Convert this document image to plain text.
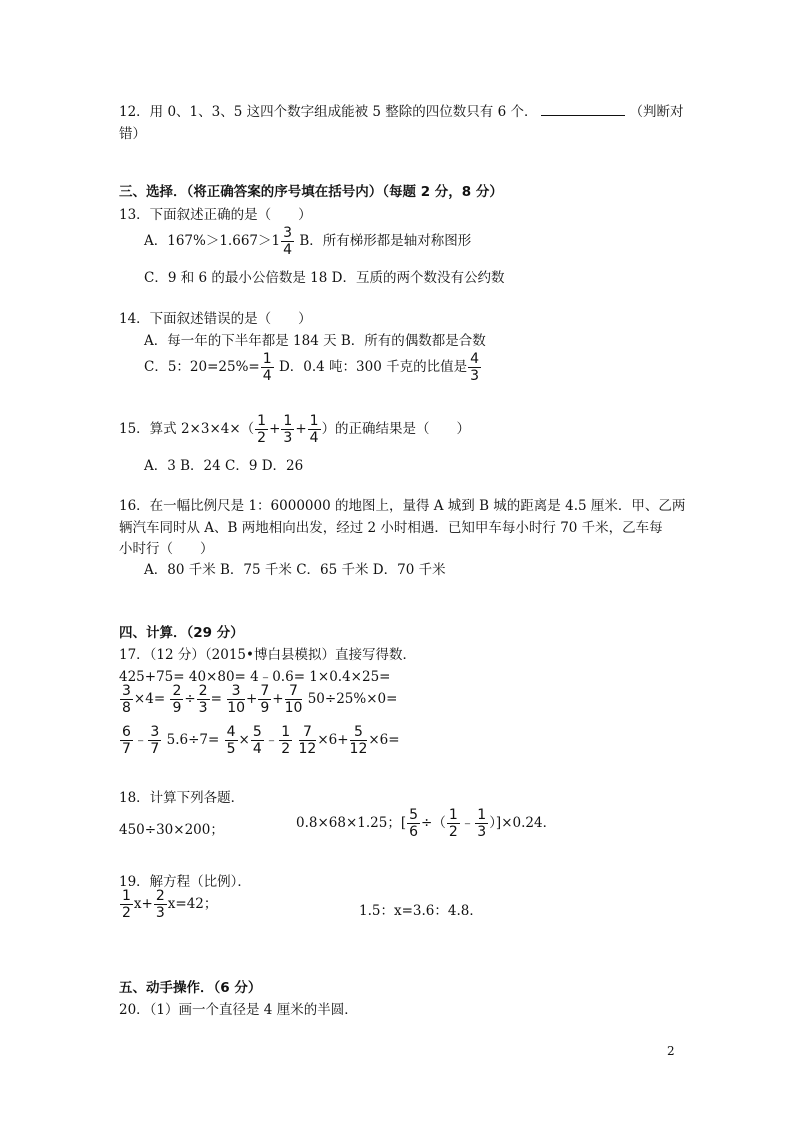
12．用 0、1、3、5 这四个数字组成能被 5 整除的四位数只有 6 个．	（判断对
错）
三、选择．（将正确答案的序号填在括号内）（每题 2 分，8 分）
13．下面叙述正确的是（　　）
A．$167\%>1.667>1 \frac{3}{4}$ B．所有梯形都是轴对称图形
C．9 和 6 的最小公倍数是 18 D．互质的两个数没有公约数
14．下面叙述错误的是（　　）
A．每一年的下半年都是 184 天 B．所有的偶数都是合数
C．5：$20=25\%= \frac{1}{4}$ D．0.4 吨：300 千克的比值是 $\frac{4}{3}$
15．算式 $2\times 3\times 4\times( \frac{1}{2} + \frac{1}{3} + \frac{1}{4}$ ）的正确结果是（　　）
A．3 B．24 C．9 D．26
16．在一幅比例尺是 1：6000000 的地图上，量得 A 城到 B 城的距离是 4.5 厘米．甲、乙两
辆汽车同时从 A、B 两地相向出发，经过 2 小时相遇．已知甲车每小时行 70 千米，乙车每
小时行（　　）
A．80 千米 B．75 千米 C．65 千米 D．70 千米
四、计算．（29 分）
17．（12 分）（2015•博白县模拟）直接写得数．
425+75= 40×80= 4﹣0.6= 1×0.4×25=
$\frac{3}{8} \times 4= \frac{2}{9} \div \frac{2}{3} = \frac{3}{10} + \frac{7}{9} + \frac{7}{10} 50\div 25\%\times 0=$
$\frac{6}{7}$ ﹣ $\frac{3}{7} 5.6\div 7= \frac{4}{5} \times \frac{5}{4}$ ﹣ $\frac{1}{2}$
$\frac{7}{12} \times 6+ \frac{5}{12} \times 6=$
18．计算下列各题．
450÷30×200；	0.8×68×1.25；[ $\frac{5}{6}$ ÷（ $\frac{1}{2}$ ﹣ $\frac{1}{3} )]\times 0.24$．
19．解方程（比例）．
$\frac{1}{2} x+ \frac{2}{3} x=42$；	1.5：x=3.6：4.8．
五、动手操作．（6 分）
20．（1）画一个直径是 4 厘米的半圆．
2
